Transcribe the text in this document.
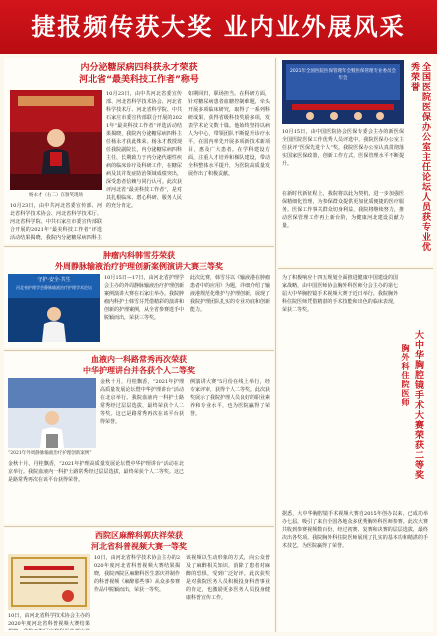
捷报频传获大奖 业内业外展风采
内分泌糖尿病四科获永才荣获
河北省“最美科技工作者”称号
杨永才（右二）在颁奖现场
10月23日，由中共河北省委宣传部、河北省科学技术协会、河北省科学技术厅、河北省科学院、中共石家庄市委宣传部联合开展的2021年“最美科技工作者”评选活动结果揭晓，我院内分泌糖尿病四科主任杨永才获此殊荣。杨永才教授现任我院副院长，内分泌糖尿病四科主任，长期致力于内分泌代谢性疾病的临床诊疗及科研工作，在糖尿病及其并发症防治领域成绩突出，深受患者信赖与同行认可。此次获评河北省“最美科技工作者”，是对其扎根临床、潜心科研、服务人民的充分肯定。
如期回归，职场担当。在科研方面，针对糖尿病患者血糖控制难题，牵头开展多项临床研究，取得了一系列科研成果，获得省级科技奖励多项，发表学术论文数十篇。他始终坚持以病人为中心，带领团队不断提升诊疗水平，在国内率先开展多项新技术新项目，惠及广大患者。在学科建设方面，注重人才培养和梯队建设，带动全科整体水平提升，为医院高质量发展作出了积极贡献。
10月23日，由中共河北省委宣传部、河北省科学技术协会、河北省科学技术厅、河北省科学院、中共石家庄市委宣传部联合开展的2021年“最美科技工作者”评选活动结果揭晓，我院内分泌糖尿病四科主
2021年全国医院医保管理年会暨医保管理专业委员会年会	全国医院医保办公室主任论坛人员获专业优秀荣誉
10月15日，由中国医院协会医保专委会主办的新医保全国医院医保工作优秀人员评选中，我院医保办公室主任获评“医保先进个人”奖。我院医保办公室认真贯彻落实国家医保政策，创新工作方式，医保管理水平不断提升。
在新时代新征程上，我院将以此为契机，进一步加强医保精细化管理，为参保群众提供更加优质便捷的医疗服务。医保工作事关群众切身利益，我院将继续努力，推动医保管理工作再上新台阶，为健康河北建设贡献力量。
肿瘤内科韩雪芬荣获
外周静脉输液治疗护理创新案例演讲大赛三等奖
守护·安全·共生
河北省护理学会静脉输液治疗护理学术论坛
10月15日—17日，由河北省护理学会主办的外周静脉输液治疗护理创新案例演讲大赛在石家庄举办。我院肿瘤内科护士韩雪芬凭借精彩的演讲和创新的护理案例，从全省参赛选手中脱颖而出，荣获三等奖。
此次比赛，韩雪芬以《输液港在肿瘤患者中的应用》为题，详细介绍了输液港规范化维护与护理创新，展现了我院护理团队扎实的专业功底和创新能力。
血液内一科路常秀再次荣获
中华护理讲台并各获个人二等奖
“2021年外周静脉输液治疗护理创新案例”
金秋十月，丹桂飘香，“2021年护理高质量发展论坛暨中华护理讲台”活动在北京举行。我院血液内一科护士路常秀经过层层选拔，最终荣获个人二等奖。这已是路常秀再次在该平台获得荣誉。
例演讲大赛”5月份在线上举行，经专家评审，获得个人二等奖。此次获奖展示了我院护理人员良好的职业素养和专业水平，也为医院赢得了荣誉。
金秋十月，丹桂飘香，“2021年护理高质量发展论坛暨中华护理讲台”活动在北京举行。我院血液内一科护士路常秀经过层层选拔，最终荣获个人二等奖。这已是路常秀再次在该平台获得荣誉。
西院区麻醉科郭庆祥荣获
河北省科普视频大赛一等奖
10日，由河北省科学技术协会主办的2020年度河北省科普视频大赛结果
10日，由河北省科学技术协会主办的2020年度河北省科普视频大赛结果揭晓，我院西院区麻醉科医生郭庆祥制作的科普视频《麻醉那些事》从众多参赛作品中脱颖而出，荣获一等奖。
该视频以生动形象的方式，向公众普及了麻醉相关知识，消除了患者对麻醉的恐惧，受到广泛好评。此次获奖是对我院医务人员积极投身科普事业的肯定，也激励更多医务人员投身健康科普宣传工作。
大中华胸腔镜手术大赛荣获二等奖
胸外科住院医师
为了积极响应十四五规划全面推进健康中国建设的国家战略，由中国医师协会胸外科医师分会主办的第七届大中华胸腔镜手术视频大赛于近日举行。我院胸外科住院医师凭借精湛的手术技能和出色的临床表现，荣获二等奖。
据悉，大中华胸腔镜手术视频大赛自2015年创办以来，已成功举办七届，吸引了来自全国各地众多优秀胸外科医师参赛。此次大赛共收到参赛视频数百份，经过初赛、复赛和决赛的层层选拔，最终决出各奖项。我院胸外科住院医师展现了扎实的基本功和精湛的手术技艺，为医院赢得了荣誉。
